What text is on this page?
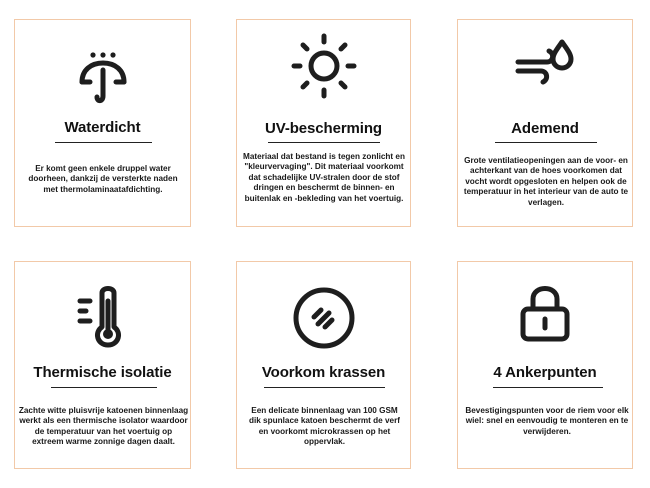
Waterdicht
Er komt geen enkele druppel water doorheen, dankzij de versterkte naden met thermolaminaatafdichting.
UV-bescherming
Materiaal dat bestand is tegen zonlicht en "kleurvervaging". Dit materiaal voorkomt dat schadelijke UV-stralen door de stof dringen en beschermt de binnen- en buitenlak en -bekleding van het voertuig.
Ademend
Grote ventilatieopeningen aan de voor- en achterkant van de hoes voorkomen dat vocht wordt opgesloten en helpen ook de temperatuur in het interieur van de auto te verlagen.
Thermische isolatie
Zachte witte pluisvrije katoenen binnenlaag werkt als een thermische isolator waardoor de temperatuur van het voertuig op extreem warme zonnige dagen daalt.
Voorkom krassen
Een delicate binnenlaag van 100 GSM dik spunlace katoen beschermt de verf en voorkomt microkrassen op het oppervlak.
4 Ankerpunten
Bevestigingspunten voor de riem voor elk wiel: snel en eenvoudig te monteren en te verwijderen.
